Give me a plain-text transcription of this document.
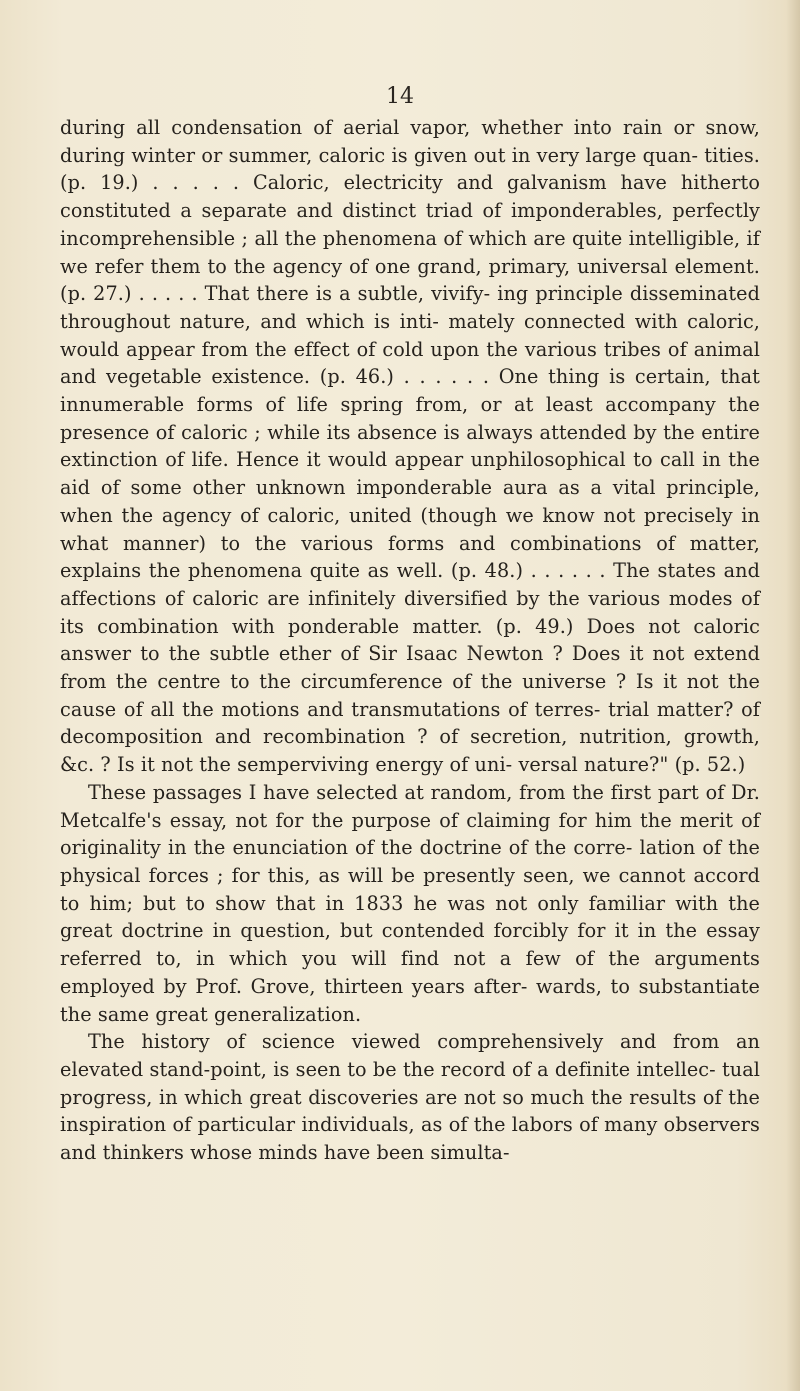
14

during all condensation of aerial vapor, whether into rain or snow, during winter or summer, caloric is given out in very large quan- tities. (p. 19.) . . . . . Caloric, electricity and galvanism have hitherto constituted a separate and distinct triad of imponderables, perfectly incomprehensible ; all the phenomena of which are quite intelligible, if we refer them to the agency of one grand, primary, universal element. (p. 27.) . . . . . That there is a subtle, vivify- ing principle disseminated throughout nature, and which is inti- mately connected with caloric, would appear from the effect of cold upon the various tribes of animal and vegetable existence. (p. 46.) . . . . . . One thing is certain, that innumerable forms of life spring from, or at least accompany the presence of caloric ; while its absence is always attended by the entire extinction of life. Hence it would appear unphilosophical to call in the aid of some other unknown imponderable aura as a vital principle, when the agency of caloric, united (though we know not precisely in what manner) to the various forms and combinations of matter, explains the phenomena quite as well. (p. 48.) . . . . . . The states and affections of caloric are infinitely diversified by the various modes of its combination with ponderable matter. (p. 49.) Does not caloric answer to the subtle ether of Sir Isaac Newton ? Does it not extend from the centre to the circumference of the universe ? Is it not the cause of all the motions and transmutations of terres- trial matter? of decomposition and recombination ? of secretion, nutrition, growth, &c. ? Is it not the semperviving energy of uni- versal nature?" (p. 52.)

These passages I have selected at random, from the first part of Dr. Metcalfe's essay, not for the purpose of claiming for him the merit of originality in the enunciation of the doctrine of the corre- lation of the physical forces ; for this, as will be presently seen, we cannot accord to him; but to show that in 1833 he was not only familiar with the great doctrine in question, but contended forcibly for it in the essay referred to, in which you will find not a few of the arguments employed by Prof. Grove, thirteen years after- wards, to substantiate the same great generalization.

The history of science viewed comprehensively and from an elevated stand-point, is seen to be the record of a definite intellec- tual progress, in which great discoveries are not so much the results of the inspiration of particular individuals, as of the labors of many observers and thinkers whose minds have been simulta-
